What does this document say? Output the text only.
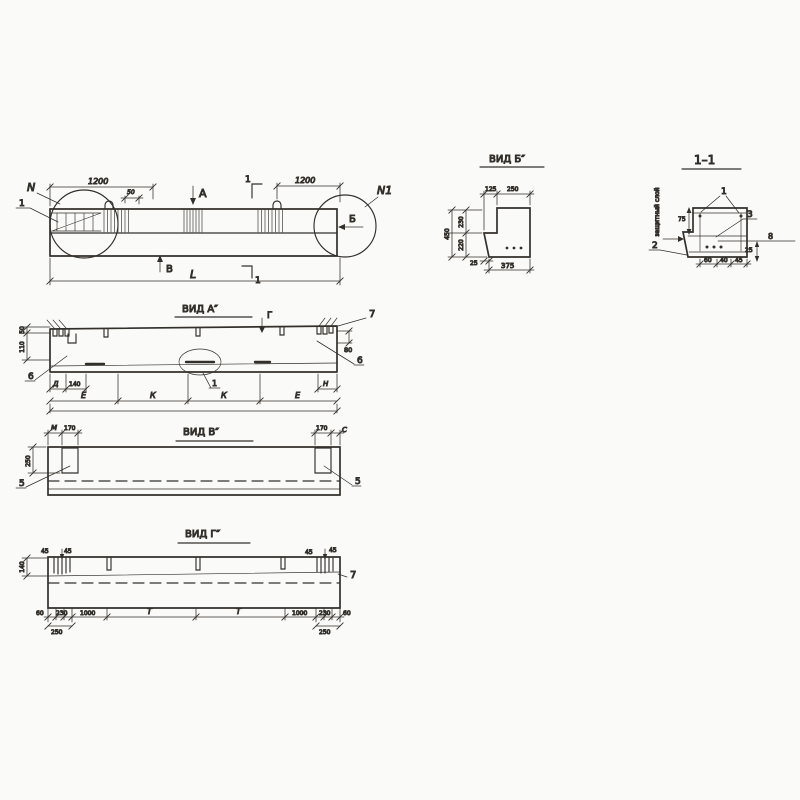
1200	1200
50
L
А
Б
В
1
1
N	N1
1
ВИД Б″
125 250
230
220
450
25	375
1–1
1
3
8
2
защитный слой	75
25
60 40 45
ВИД А″
1
7
Г
50
110	80
6
6
Д 140	Н
Е	К	К	Е
ВИД В″
М 170	170 С
250
5	5
ВИД Г″
45	45	45	45
140
7
60 230 1000	Т	Т	1000 230 60
250	250
